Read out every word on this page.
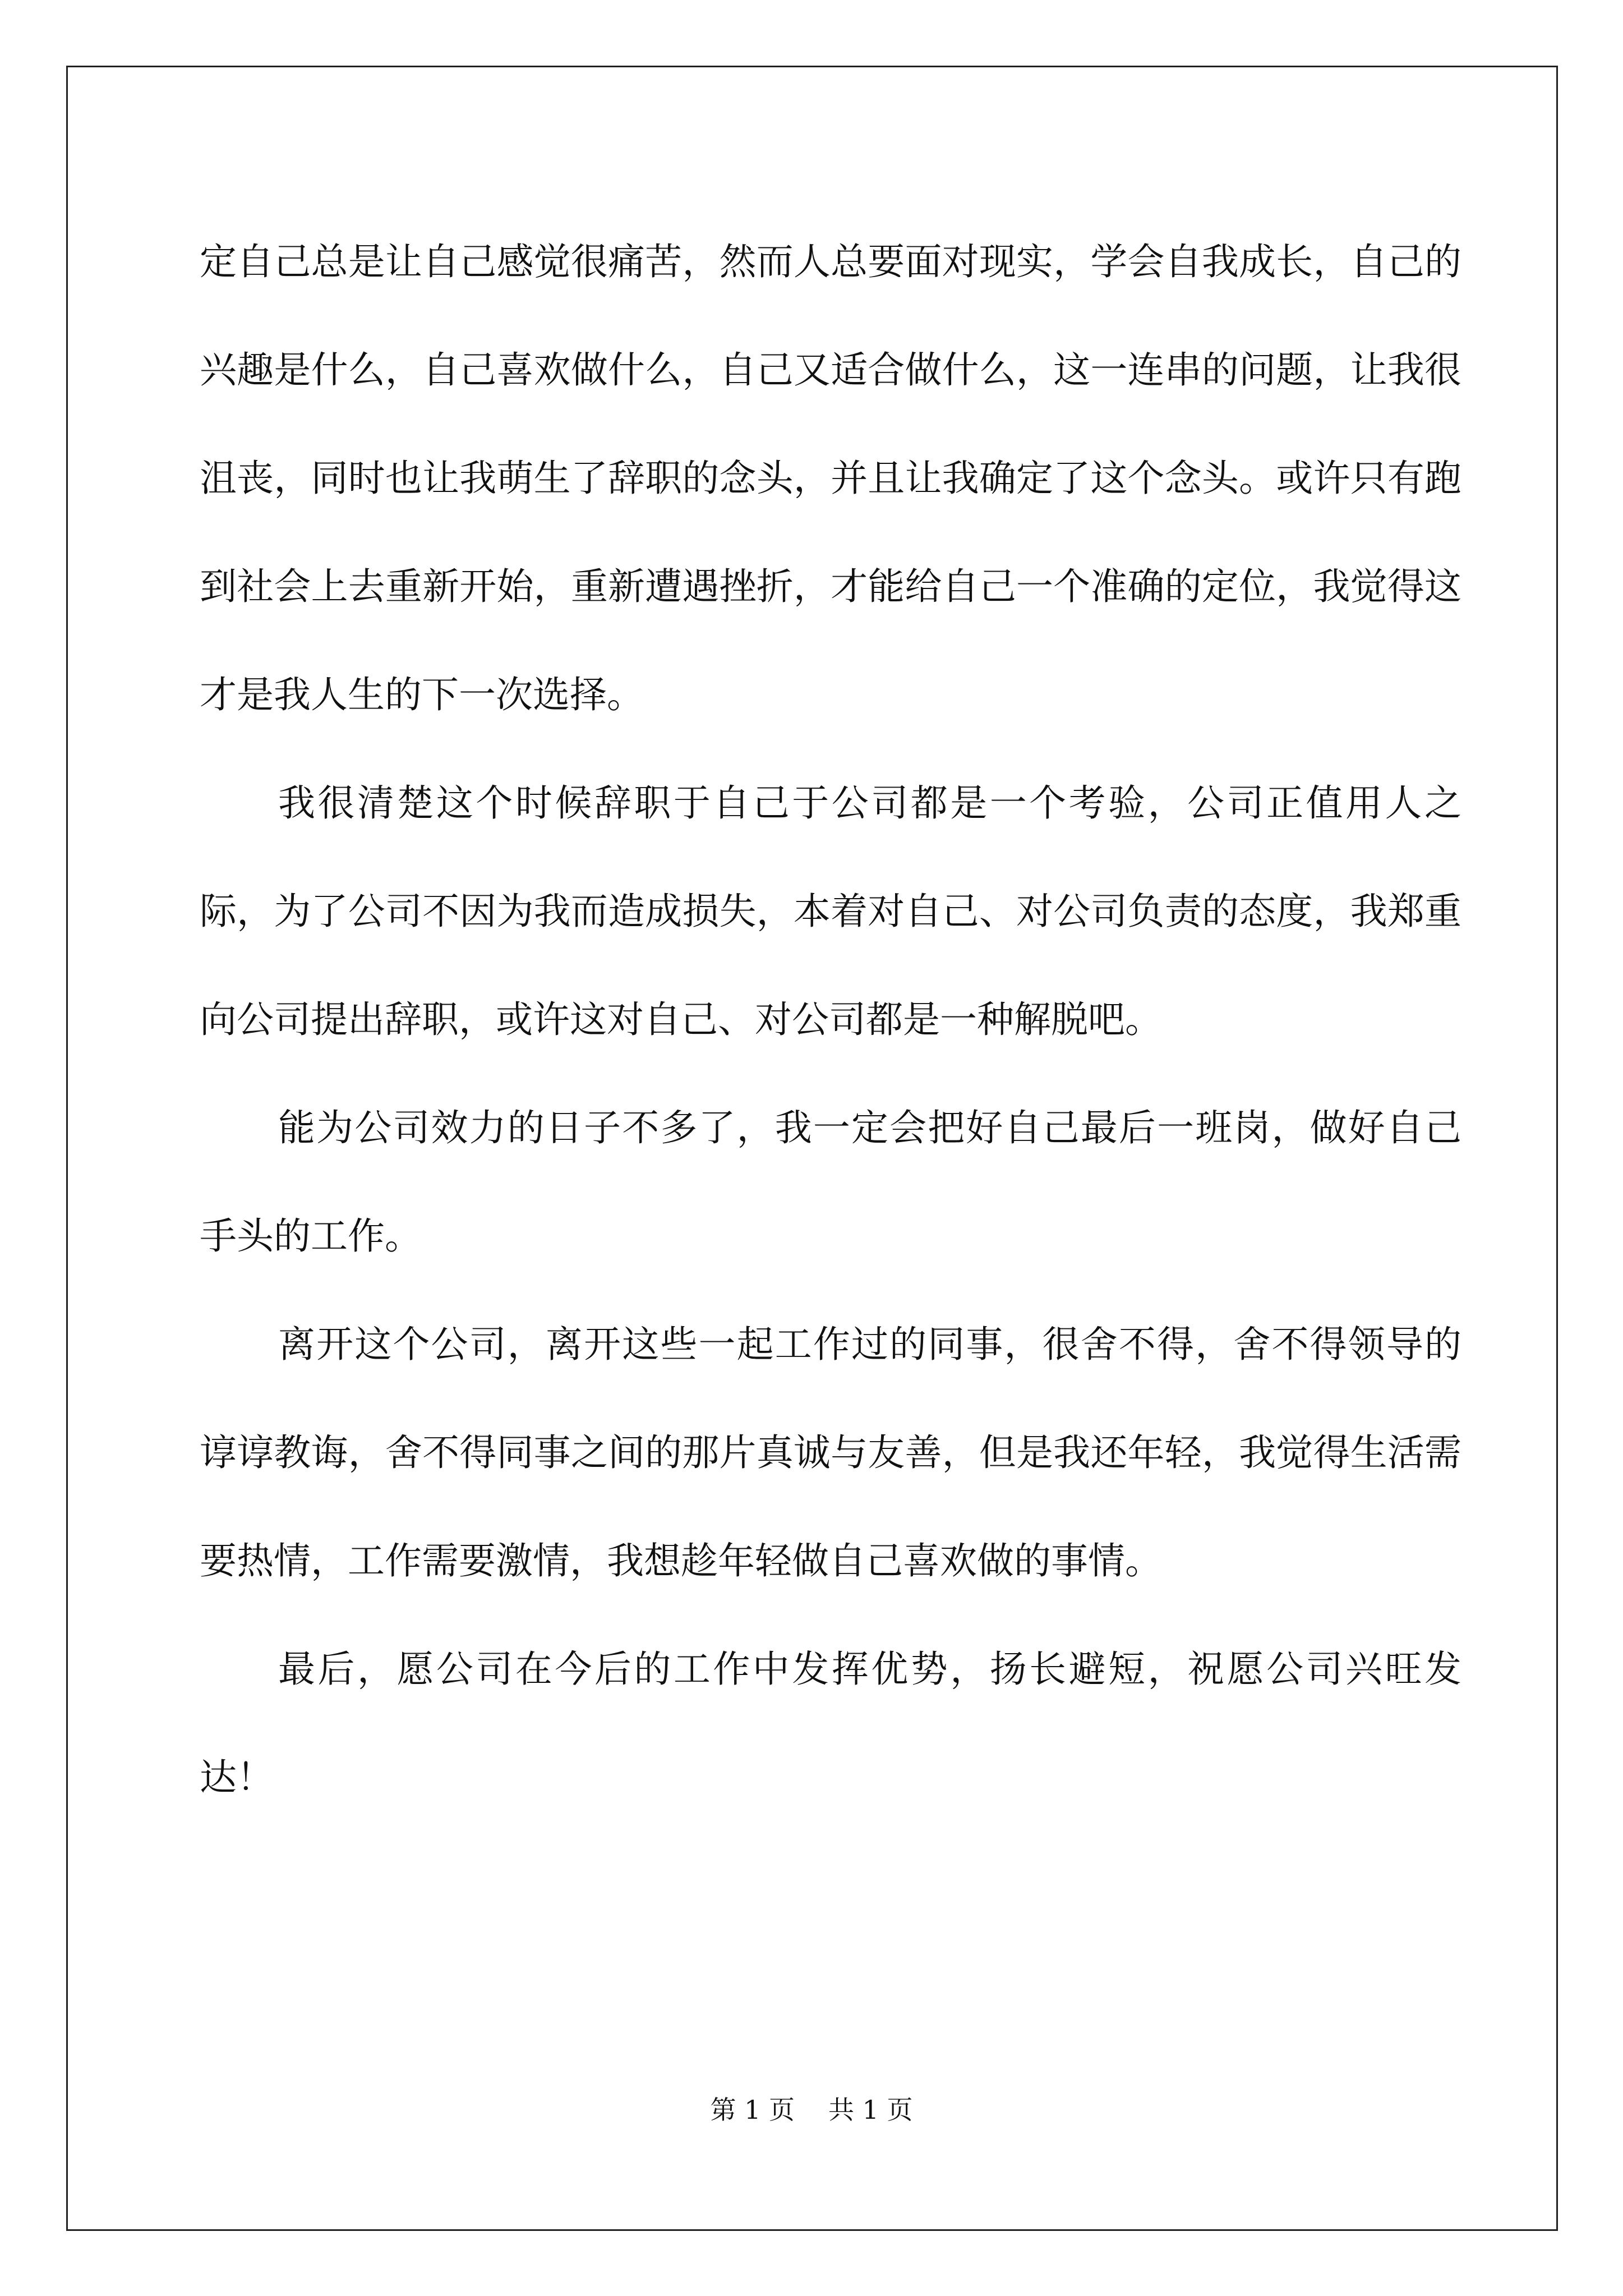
定自己总是让自己感觉很痛苦，然而人总要面对现实，学会自我成长，自己的兴趣是什么，自己喜欢做什么，自己又适合做什么，这一连串的问题，让我很沮丧，同时也让我萌生了辞职的念头，并且让我确定了这个念头。或许只有跑到社会上去重新开始，重新遭遇挫折，才能给自己一个准确的定位，我觉得这才是我人生的下一次选择。

我很清楚这个时候辞职于自己于公司都是一个考验，公司正值用人之际，为了公司不因为我而造成损失，本着对自己、对公司负责的态度，我郑重向公司提出辞职，或许这对自己、对公司都是一种解脱吧。

能为公司效力的日子不多了，我一定会把好自己最后一班岗，做好自己手头的工作。

离开这个公司，离开这些一起工作过的同事，很舍不得，舍不得领导的谆谆教诲，舍不得同事之间的那片真诚与友善，但是我还年轻，我觉得生活需要热情，工作需要激情，我想趁年轻做自己喜欢做的事情。

最后，愿公司在今后的工作中发挥优势，扬长避短，祝愿公司兴旺发达！

第 1 页 共 1 页
